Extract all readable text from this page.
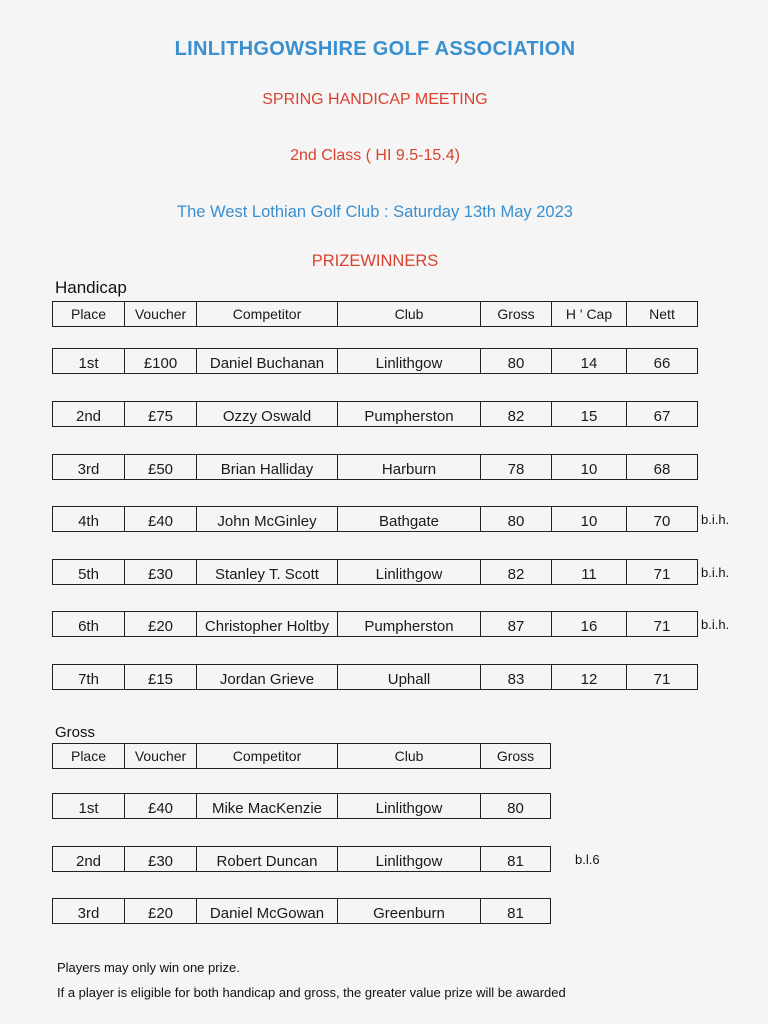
LINLITHGOWSHIRE GOLF ASSOCIATION
SPRING HANDICAP MEETING
2nd Class ( HI 9.5-15.4)
The West Lothian Golf Club : Saturday 13th May 2023
PRIZEWINNERS
Handicap
Gross
Place	Voucher	Competitor	Club	Gross	H ' Cap	Nett
1st	£100	Daniel Buchanan	Linlithgow	80	14	66
2nd	£75	Ozzy Oswald	Pumpherston	82	15	67
3rd	£50	Brian Halliday	Harburn	78	10	68
4th	£40	John McGinley	Bathgate	80	10	70	b.i.h.
5th	£30	Stanley T. Scott	Linlithgow	82	11	71	b.i.h.
6th	£20	Christopher Holtby	Pumpherston	87	16	71	b.i.h.
7th	£15	Jordan Grieve	Uphall	83	12	71
Place	Voucher	Competitor	Club	Gross
1st	£40	Mike MacKenzie	Linlithgow	80
2nd	£30	Robert Duncan	Linlithgow	81	b.l.6
3rd	£20	Daniel McGowan	Greenburn	81
Players may only win one prize.
If a player is eligible for both handicap and gross, the greater value prize will be awarded
